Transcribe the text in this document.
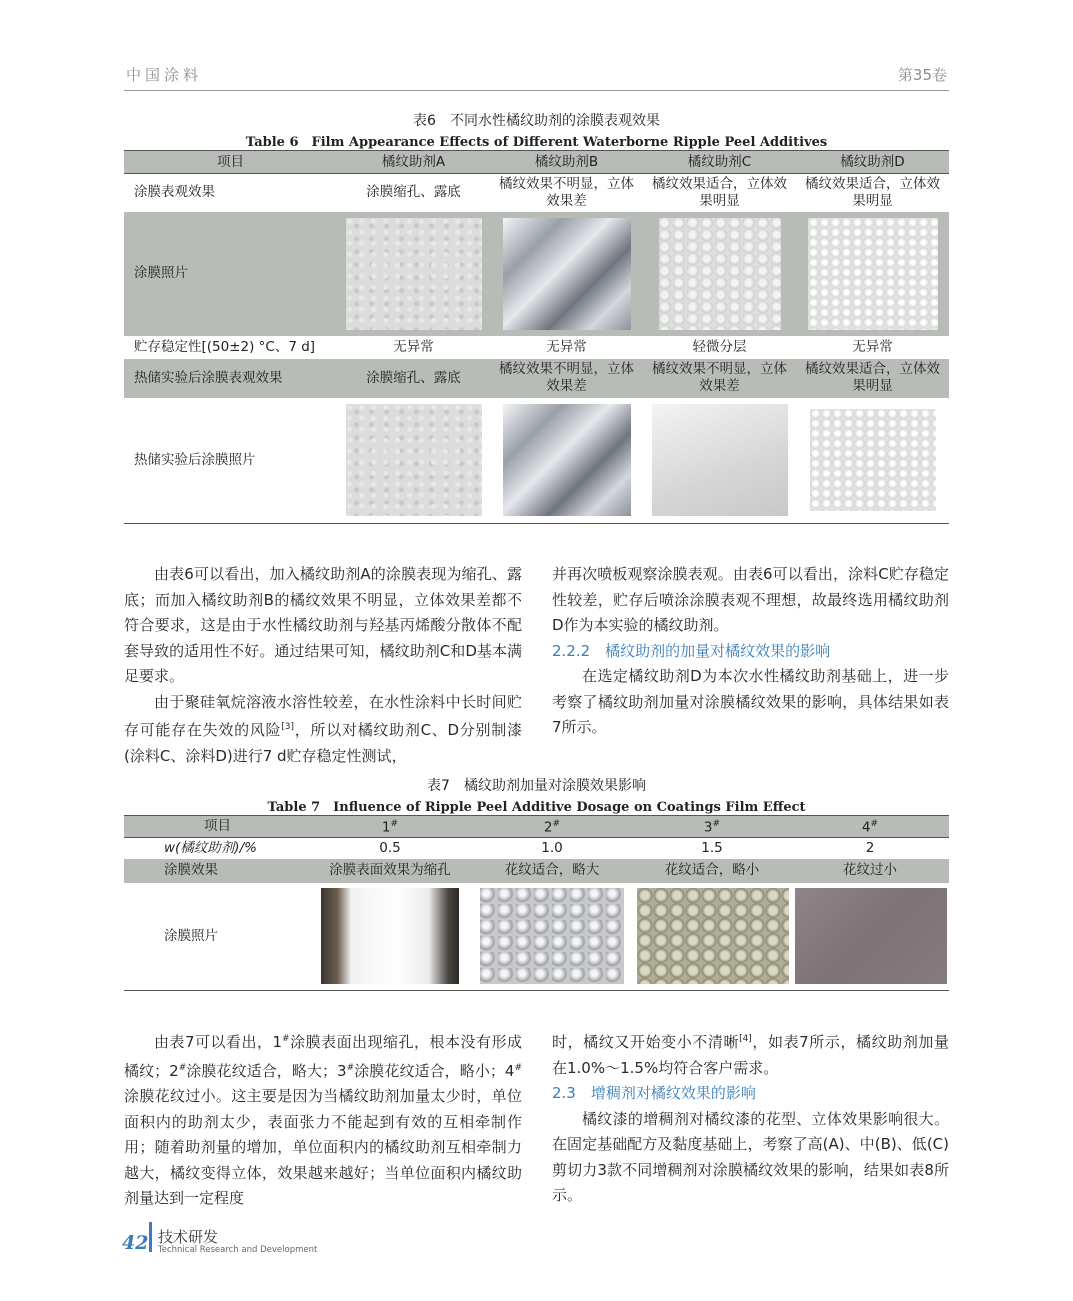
中国涂料	第35卷
表6　不同水性橘纹助剂的涂膜表观效果
Table 6　Film Appearance Effects of Different Waterborne Ripple Peel Additives
项目	橘纹助剂A	橘纹助剂B	橘纹助剂C	橘纹助剂D
涂膜表观效果	涂膜缩孔、露底	橘纹效果不明显，立体效果差	橘纹效果适合，立体效果明显	橘纹效果适合，立体效果明显
涂膜照片	

贮存稳定性[(50±2) °C、7 d]	无异常	无异常	轻微分层	无异常
热储实验后涂膜表观效果	涂膜缩孔、露底	橘纹效果不明显，立体效果差	橘纹效果不明显，立体效果差	橘纹效果适合，立体效果明显
热储实验后涂膜照片	

由表6可以看出，加入橘纹助剂A的涂膜表现为缩孔、露底；而加入橘纹助剂B的橘纹效果不明显，立体效果差都不符合要求，这是由于水性橘纹助剂与羟基丙烯酸分散体不配套导致的适用性不好。通过结果可知，橘纹助剂C和D基本满足要求。

由于聚硅氧烷溶液水溶性较差，在水性涂料中长时间贮存可能存在失效的风险[3]，所以对橘纹助剂C、D分别制漆(涂料C、涂料D)进行7 d贮存稳定性测试，

并再次喷板观察涂膜表观。由表6可以看出，涂料C贮存稳定性较差，贮存后喷涂涂膜表观不理想，故最终选用橘纹助剂D作为本实验的橘纹助剂。

2.2.2　橘纹助剂的加量对橘纹效果的影响

在选定橘纹助剂D为本次水性橘纹助剂基础上，进一步考察了橘纹助剂加量对涂膜橘纹效果的影响，具体结果如表7所示。

表7　橘纹助剂加量对涂膜效果影响
Table 7　Influence of Ripple Peel Additive Dosage on Coatings Film Effect
项目	1#	2#	3#	4#
w(橘纹助剂)/%	0.5	1.0	1.5	2
涂膜效果	涂膜表面效果为缩孔	花纹适合，略大	花纹适合，略小	花纹过小
涂膜照片	

由表7可以看出，1#涂膜表面出现缩孔，根本没有形成橘纹；2#涂膜花纹适合，略大；3#涂膜花纹适合，略小；4#涂膜花纹过小。这主要是因为当橘纹助剂加量太少时，单位面积内的助剂太少，表面张力不能起到有效的互相牵制作用；随着助剂量的增加，单位面积内的橘纹助剂互相牵制力越大，橘纹变得立体，效果越来越好；当单位面积内橘纹助剂量达到一定程度

时，橘纹又开始变小不清晰[4]，如表7所示，橘纹助剂加量在1.0%～1.5%均符合客户需求。

2.3　增稠剂对橘纹效果的影响

橘纹漆的增稠剂对橘纹漆的花型、立体效果影响很大。在固定基础配方及黏度基础上，考察了高(A)、中(B)、低(C)剪切力3款不同增稠剂对涂膜橘纹效果的影响，结果如表8所示。

42 技术研发
Technical Research and Development
